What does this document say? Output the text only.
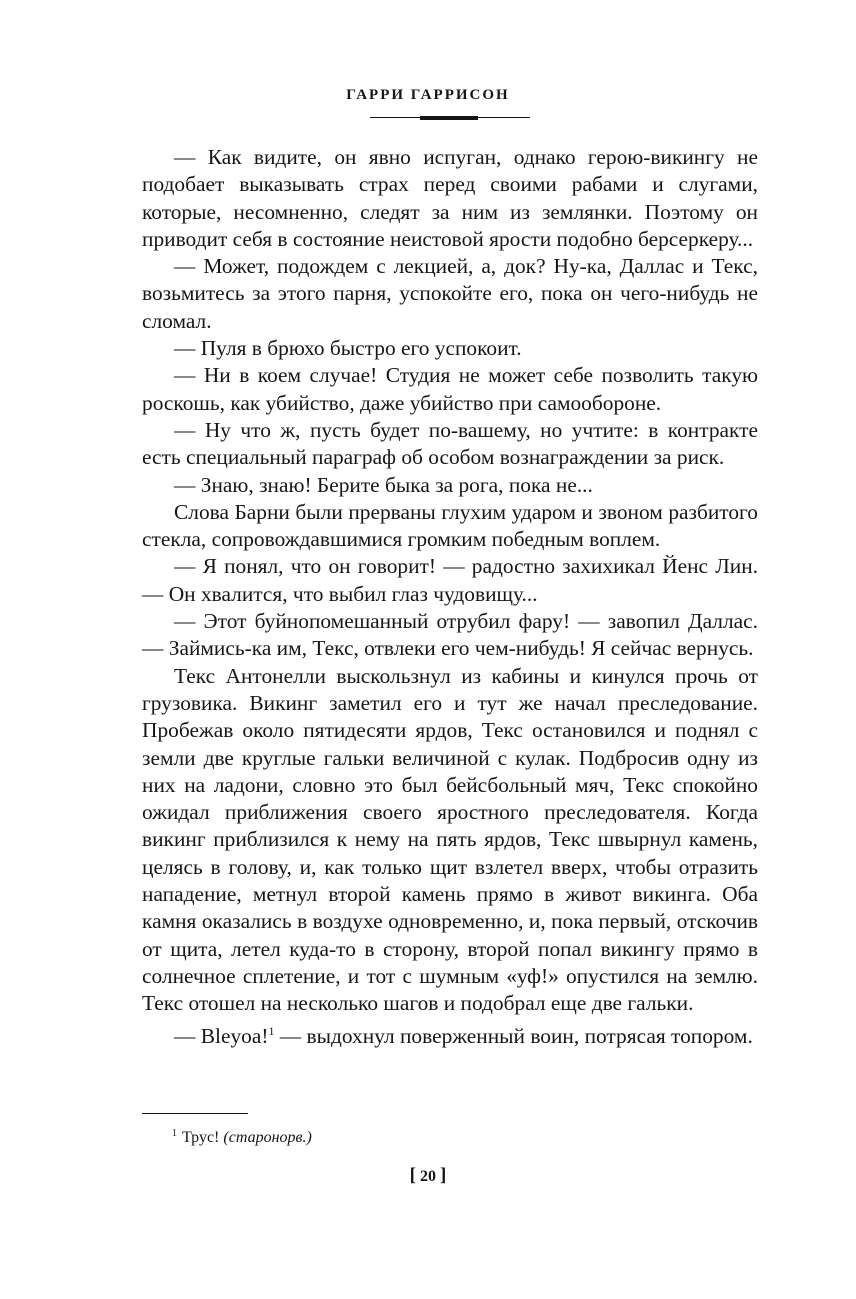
ГАРРИ ГАРРИСОН

— Как видите, он явно испуган, однако герою-викингу не подобает выказывать страх перед своими рабами и слугами, которые, несомненно, следят за ним из землянки. Поэтому он приводит себя в состояние неистовой ярости подобно берсеркеру...

— Может, подождем с лекцией, а, док? Ну-ка, Даллас и Текс, возьмитесь за этого парня, успокойте его, пока он чего-нибудь не сломал.

— Пуля в брюхо быстро его успокоит.

— Ни в коем случае! Студия не может себе позволить такую роскошь, как убийство, даже убийство при самообороне.

— Ну что ж, пусть будет по-вашему, но учтите: в контракте есть специальный параграф об особом вознаграждении за риск.

— Знаю, знаю! Берите быка за рога, пока не...

Слова Барни были прерваны глухим ударом и звоном разбитого стекла, сопровождавшимися громким победным воплем.

— Я понял, что он говорит! — радостно захихикал Йенс Лин. — Он хвалится, что выбил глаз чудовищу...

— Этот буйнопомешанный отрубил фару! — завопил Даллас. — Займись-ка им, Текс, отвлеки его чем-нибудь! Я сейчас вернусь.

Текс Антонелли выскользнул из кабины и кинулся прочь от грузовика. Викинг заметил его и тут же начал преследование. Пробежав около пятидесяти ярдов, Текс остановился и поднял с земли две круглые гальки величиной с кулак. Подбросив одну из них на ладони, словно это был бейсбольный мяч, Текс спокойно ожидал приближения своего яростного преследователя. Когда викинг приблизился к нему на пять ярдов, Текс швырнул камень, целясь в голову, и, как только щит взлетел вверх, чтобы отразить нападение, метнул второй камень прямо в живот викинга. Оба камня оказались в воздухе одновременно, и, пока первый, отскочив от щита, летел куда-то в сторону, второй попал викингу прямо в солнечное сплетение, и тот с шумным «уф!» опустился на землю. Текс отошел на несколько шагов и подобрал еще две гальки.

— Bleyoa!$^1$ — выдохнул поверженный воин, потрясая топором.

$^1$ Трус! (старонорв.)
[ 20 ]
